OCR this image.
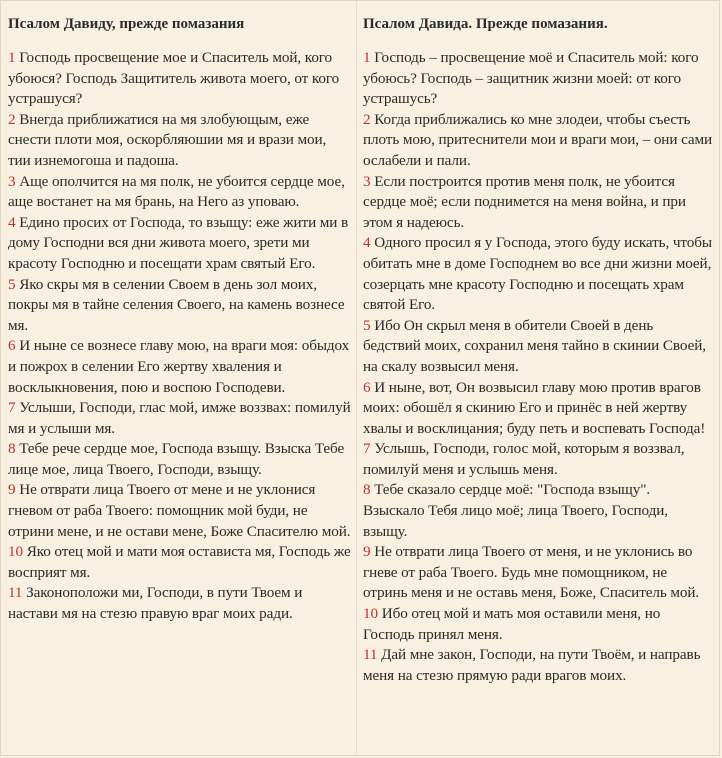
Псалом Давиду, прежде помазания

1 Господь просвещение мое и Спаситель мой, кого убоюся? Господь Защититель живота моего, от кого устрашуся?

2 Внегда приближатися на мя злобующым, еже снести плоти моя, оскорбляюшии мя и врази мои, тии изнемогоша и падоша.

3 Аще ополчится на мя полк, не убоится сердце мое, аще востанет на мя брань, на Него аз уповаю.

4 Едино просих от Господа, то взыщу: еже жити ми в дому Господни вся дни живота моего, зрети ми красоту Господню и посещати храм святый Его.

5 Яко скры мя в селении Своем в день зол моих, покры мя в тайне селения Своего, на камень вознесе мя.

6 И ныне се вознесе главу мою, на враги моя: обыдох и пожрох в селении Его жертву хваления и восклыкновения, пою и воспою Господеви.

7 Услыши, Господи, глас мой, имже воззвах: помилуй мя и услыши мя.

8 Тебе рече сердце мое, Господа взыщу. Взыска Тебе лице мое, лица Твоего, Господи, взыщу.

9 Не отврати лица Твоего от мене и не уклонися гневом от раба Твоего: помощник мой буди, не отрини мене, и не остави мене, Боже Спасителю мой.

10 Яко отец мой и мати моя остависта мя, Господь же восприят мя.

11 Законоположи ми, Господи, в пути Твоем и настави мя на стезю правую враг моих ради.

Псалом Давида. Прежде помазания.

1 Господь – просвещение моё и Спаситель мой: кого убоюсь? Господь – защитник жизни моей: от кого устрашусь?

2 Когда приближались ко мне злодеи, чтобы съесть плоть мою, притеснители мои и враги мои, – они сами ослабели и пали.

3 Если построится против меня полк, не убоится сердце моё; если поднимется на меня война, и при этом я надеюсь.

4 Одного просил я у Господа, этого буду искать, чтобы обитать мне в доме Господнем во все дни жизни моей, созерцать мне красоту Господню и посещать храм святой Его.

5 Ибо Он скрыл меня в обители Своей в день бедствий моих, сохранил меня тайно в скинии Своей, на скалу возвысил меня.

6 И ныне, вот, Он возвысил главу мою против врагов моих: обошёл я скинию Его и принёс в ней жертву хвалы и восклицания; буду петь и воспевать Господа!

7 Услышь, Господи, голос мой, которым я воззвал, помилуй меня и услышь меня.

8 Тебе сказало сердце моё: "Господа взыщу". Взыскало Тебя лицо моё; лица Твоего, Господи, взыщу.

9 Не отврати лица Твоего от меня, и не уклонись во гневе от раба Твоего. Будь мне помощником, не отринь меня и не оставь меня, Боже, Спаситель мой.

10 Ибо отец мой и мать моя оставили меня, но Господь принял меня.

11 Дай мне закон, Господи, на пути Твоём, и направь меня на стезю прямую ради врагов моих.
